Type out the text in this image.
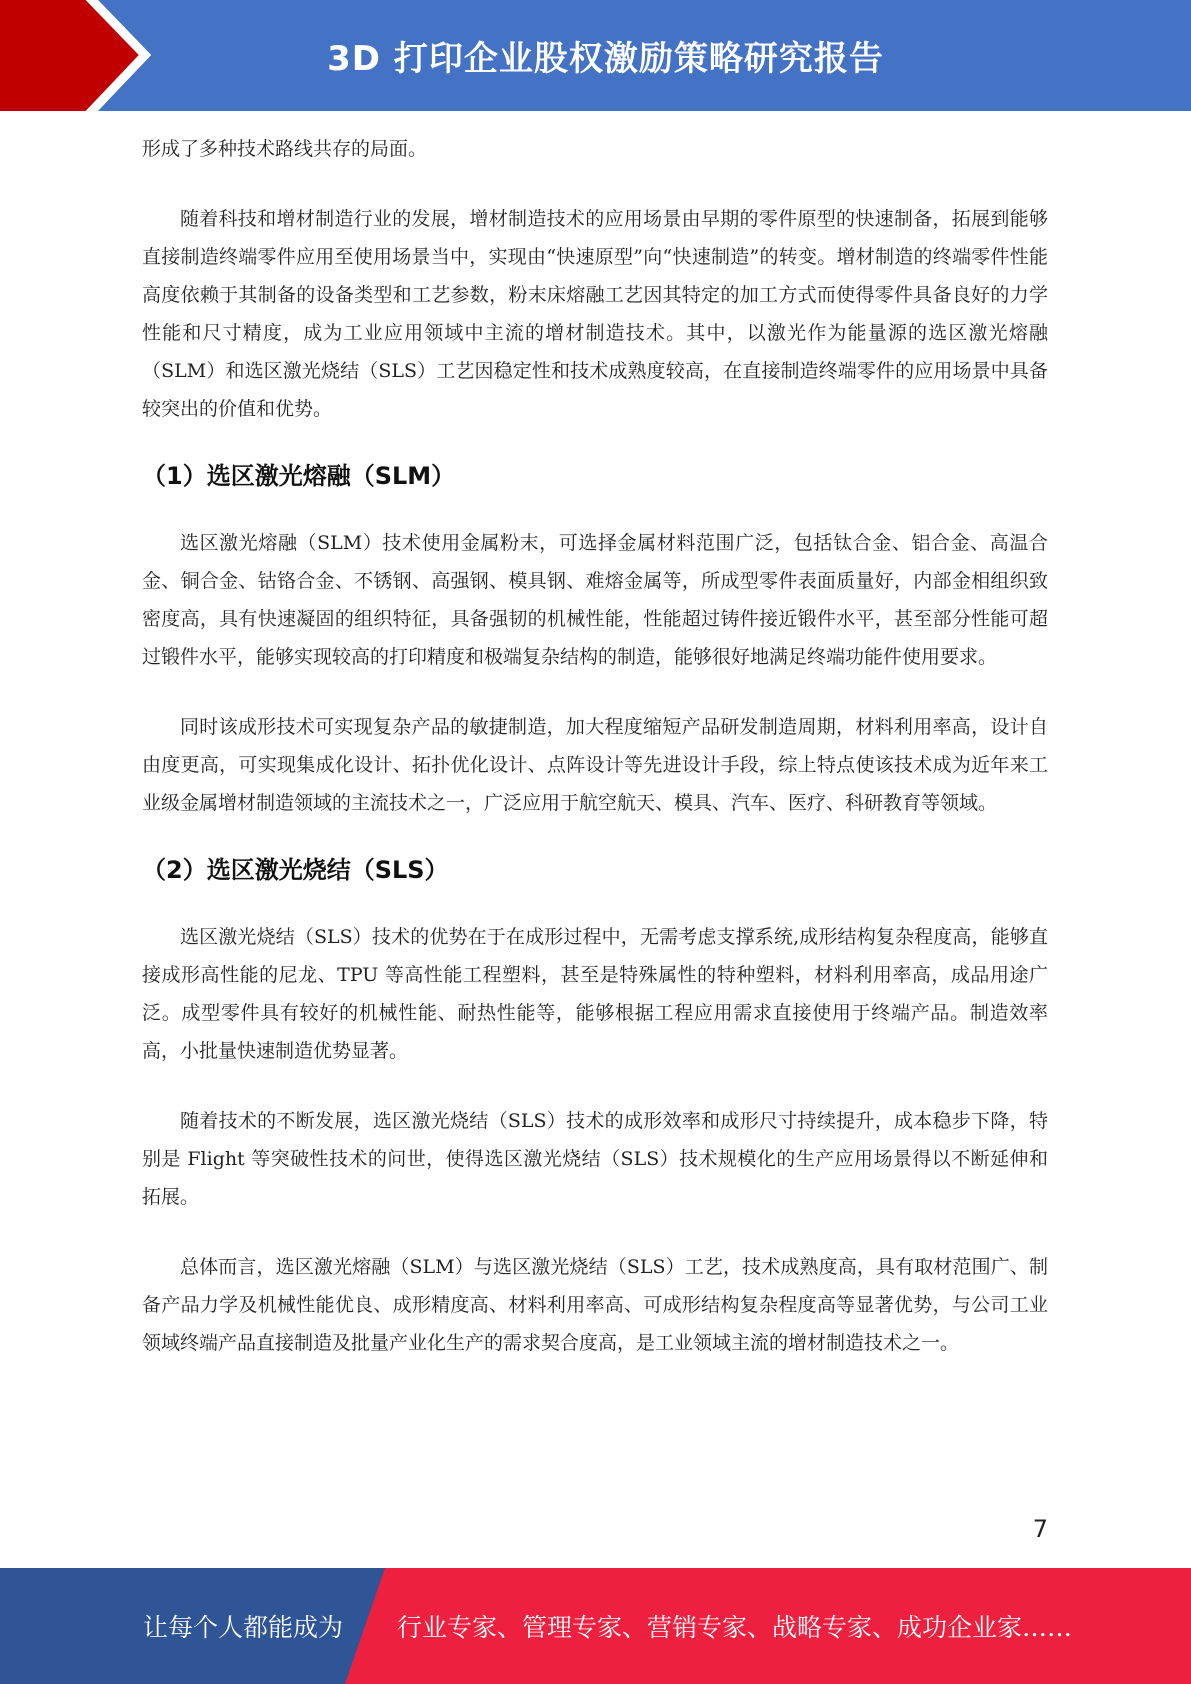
3D 打印企业股权激励策略研究报告

形成了多种技术路线共存的局面。

随着科技和增材制造行业的发展，增材制造技术的应用场景由早期的零件原型的快速制备，拓展到能够直接制造终端零件应用至使用场景当中，实现由“快速原型”向“快速制造”的转变。增材制造的终端零件性能高度依赖于其制备的设备类型和工艺参数，粉末床熔融工艺因其特定的加工方式而使得零件具备良好的力学性能和尺寸精度，成为工业应用领域中主流的增材制造技术。其中，以激光作为能量源的选区激光熔融（SLM）和选区激光烧结（SLS）工艺因稳定性和技术成熟度较高，在直接制造终端零件的应用场景中具备较突出的价值和优势。

（1）选区激光熔融（SLM）

选区激光熔融（SLM）技术使用金属粉末，可选择金属材料范围广泛，包括钛合金、铝合金、高温合金、铜合金、钴铬合金、不锈钢、高强钢、模具钢、难熔金属等，所成型零件表面质量好，内部金相组织致密度高，具有快速凝固的组织特征，具备强韧的机械性能，性能超过铸件接近锻件水平，甚至部分性能可超过锻件水平，能够实现较高的打印精度和极端复杂结构的制造，能够很好地满足终端功能件使用要求。

同时该成形技术可实现复杂产品的敏捷制造，加大程度缩短产品研发制造周期，材料利用率高，设计自由度更高，可实现集成化设计、拓扑优化设计、点阵设计等先进设计手段，综上特点使该技术成为近年来工业级金属增材制造领域的主流技术之一，广泛应用于航空航天、模具、汽车、医疗、科研教育等领域。

（2）选区激光烧结（SLS）

选区激光烧结（SLS）技术的优势在于在成形过程中，无需考虑支撑系统,成形结构复杂程度高，能够直接成形高性能的尼龙、TPU 等高性能工程塑料，甚至是特殊属性的特种塑料，材料利用率高，成品用途广泛。成型零件具有较好的机械性能、耐热性能等，能够根据工程应用需求直接使用于终端产品。制造效率高，小批量快速制造优势显著。

随着技术的不断发展，选区激光烧结（SLS）技术的成形效率和成形尺寸持续提升，成本稳步下降，特别是 Flight 等突破性技术的问世，使得选区激光烧结（SLS）技术规模化的生产应用场景得以不断延伸和拓展。

总体而言，选区激光熔融（SLM）与选区激光烧结（SLS）工艺，技术成熟度高，具有取材范围广、制备产品力学及机械性能优良、成形精度高、材料利用率高、可成形结构复杂程度高等显著优势，与公司工业领域终端产品直接制造及批量产业化生产的需求契合度高，是工业领域主流的增材制造技术之一。

7
让每个人都能成为 行业专家、管理专家、营销专家、战略专家、成功企业家……
